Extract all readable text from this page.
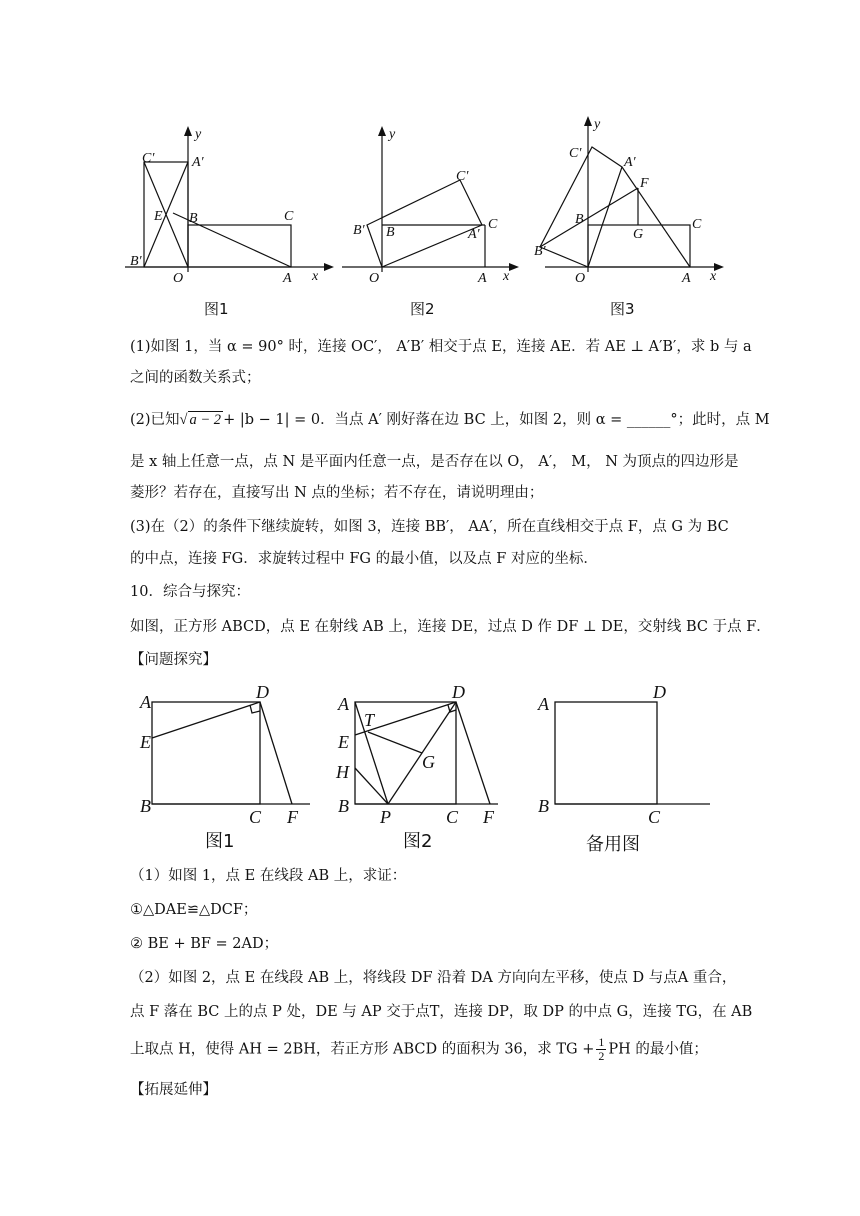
y
C′	A′
E B	C
B′
O	A x
图1
y
C′
B′ B
C
A′
O	A x
图2
y
C′
A′
F
B	C
G
B′
O	A x
图3
(1)如图 1，当 α = 90° 时，连接 OC′， A′B′ 相交于点 E，连接 AE．若 AE ⊥ A′B′，求 b 与 a
之间的函数关系式；
(2)已知√ a − 2 + |b − 1| = 0．当点 A′ 刚好落在边 BC 上，如图 2，则 α = ______°；此时，点 M
是 x 轴上任意一点，点 N 是平面内任意一点，是否存在以 O， A′， M， N 为顶点的四边形是
菱形？若存在，直接写出 N 点的坐标；若不存在，请说明理由；
(3)在（2）的条件下继续旋转，如图 3，连接 BB′， AA′，所在直线相交于点 F，点 G 为 BC
的中点，连接 FG．求旋转过程中 FG 的最小值，以及点 F 对应的坐标．
10．综合与探究：
如图，正方形 ABCD，点 E 在射线 AB 上，连接 DE，过点 D 作 DF ⊥ DE，交射线 BC 于点 F．
【问题探究】
A	D
E
B
C F
A
D
T
E
G
H
B
P	C F
A
D
B
C
图1	图2	备用图
（1）如图 1，点 E 在线段 AB 上，求证：
①△DAE≌△DCF；
② BE + BF = 2AD；
（2）如图 2，点 E 在线段 AB 上，将线段 DF 沿着 DA 方向向左平移，使点 D 与点A 重合，
点 F 落在 BC 上的点 P 处，DE 与 AP 交于点T，连接 DP，取 DP 的中点 G，连接 TG，在 AB
上取点 H，使得 AH = 2BH，若正方形 ABCD 的面积为 36，求 TG + $\frac{1}{2}$ PH 的最小值；
【拓展延伸】
